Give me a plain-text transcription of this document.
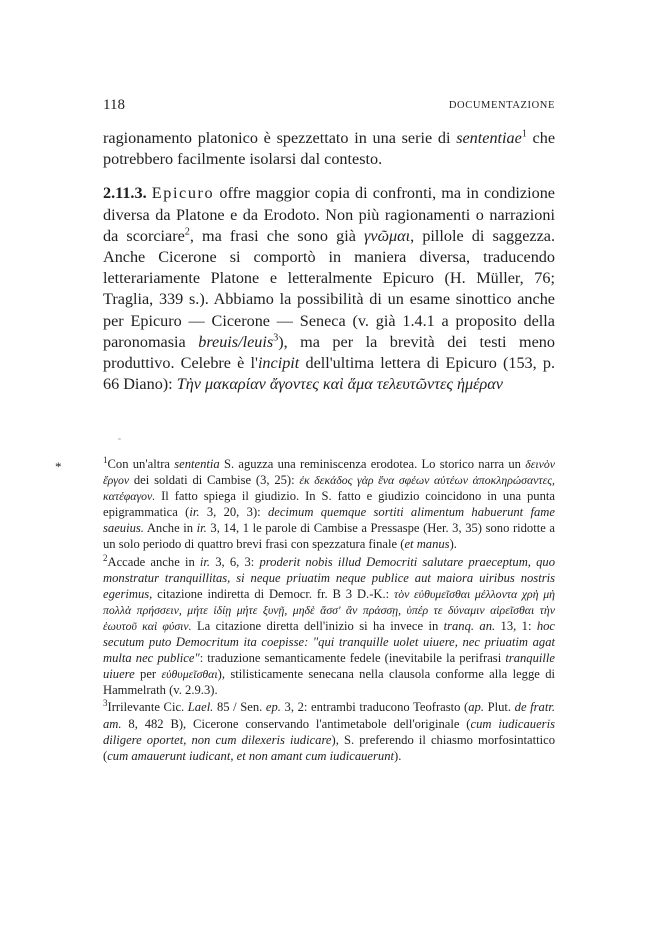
118	DOCUMENTAZIONE

ragionamento platonico è spezzettato in una serie di sententiae$^1$ che potrebbero facilmente isolarsi dal contesto.

2.11.3. Epicuro offre maggior copia di confronti, ma in condizione diversa da Platone e da Erodoto. Non più ragionamenti o narrazioni da scorciare$^2$, ma frasi che sono già γνῶμαι, pillole di saggezza. Anche Cicerone si comportò in maniera diversa, traducendo letterariamente Platone e letteralmente Epicuro (H. Müller, 76; Traglia, 339 s.). Abbiamo la possibilità di un esame sinottico anche per Epicuro — Cicerone — Seneca (v. già 1.4.1 a proposito della paronomasia breuis/leuis$^3$), ma per la brevità dei testi meno produttivo. Celebre è l'incipit dell'ultima lettera di Epicuro (153, p. 66 Diano): Τὴν μακαρίαν ἄγοντες καὶ ἅμα τελευτῶντες ἡμέραν

*	$^1$Con un'altra sententia S. aguzza una reminiscenza erodotea. Lo storico narra un δεινὸν ἔργον dei soldati di Cambise (3, 25): ἐκ δεκάδος γὰρ ἕνα σφέων αὐτέων ἀποκληρώσαντες, κατέφαγον. Il fatto spiega il giudizio. In S. fatto e giudizio coincidono in una punta epigrammatica (ir. 3, 20, 3): decimum quemque sortiti alimentum habuerunt fame saeuius. Anche in ir. 3, 14, 1 le parole di Cambise a Pressaspe (Her. 3, 35) sono ridotte a un solo periodo di quattro brevi frasi con spezzatura finale (et manus).

$^2$Accade anche in ir. 3, 6, 3: proderit nobis illud Democriti salutare praeceptum, quo monstratur tranquillitas, si neque priuatim neque publice aut maiora uiribus nostris egerimus, citazione indiretta di Democr. fr. B 3 D.-K.: τὸν εὐθυμεῖσθαι μέλλοντα χρὴ μὴ πολλὰ πρήσσειν, μήτε ἰδίῃ μήτε ξυνῇ, μηδὲ ἅσσ' ἂν πράσσῃ, ὑπέρ τε δύναμιν αἱρεῖσθαι τὴν ἑωυτοῦ καὶ φύσιν. La citazione diretta dell'inizio si ha invece in tranq. an. 13, 1: hoc secutum puto Democritum ita coepisse: "qui tranquille uolet uiuere, nec priuatim agat multa nec publice": traduzione semanticamente fedele (inevitabile la perifrasi tranquille uiuere per εὐθυμεῖσθαι), stilisticamente senecana nella clausola conforme alla legge di Hammelrath (v. 2.9.3).

$^3$Irrilevante Cic. Lael. 85 / Sen. ep. 3, 2: entrambi traducono Teofrasto (ap. Plut. de fratr. am. 8, 482 B), Cicerone conservando l'antimetabole dell'originale (cum iudicaueris diligere oportet, non cum dilexeris iudicare), S. preferendo il chiasmo morfosintattico (cum amauerunt iudicant, et non amant cum iudicauerunt).
